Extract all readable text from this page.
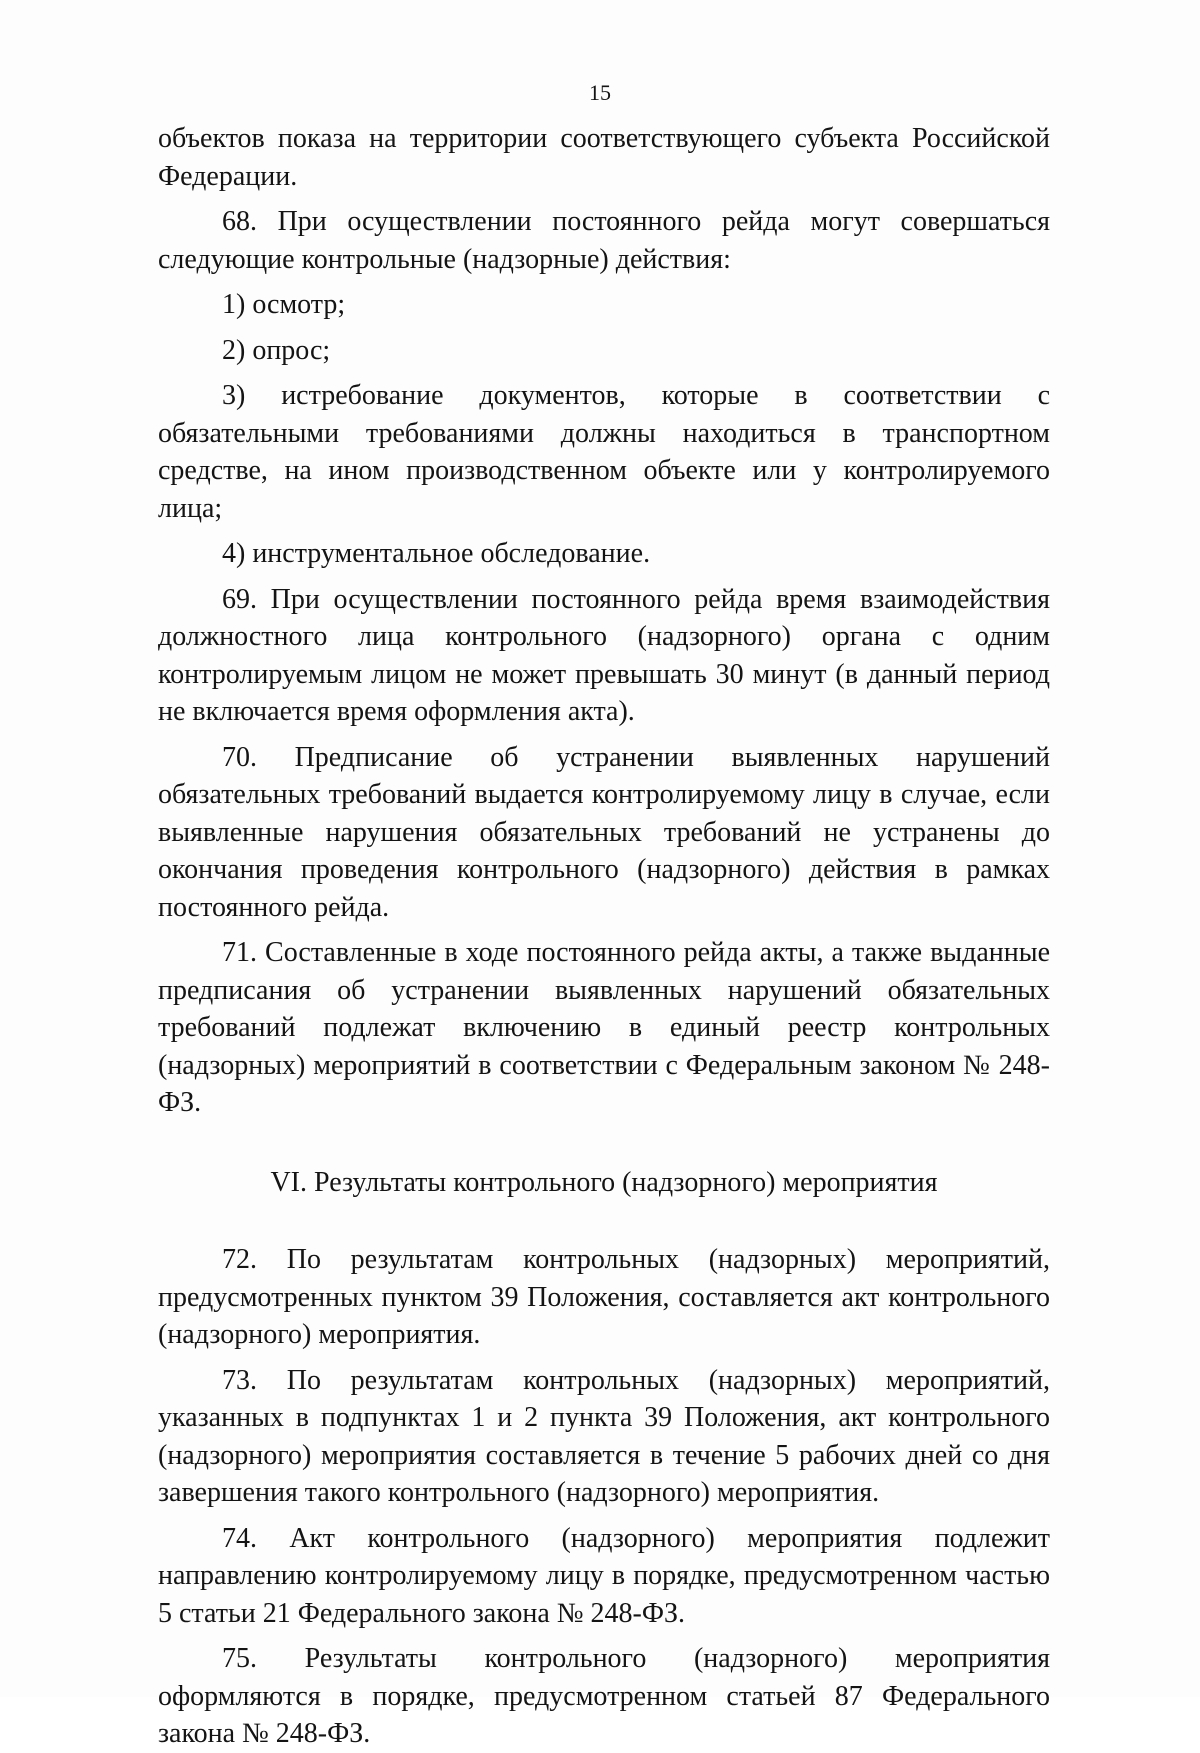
15

объектов показа на территории соответствующего субъекта Российской Федерации.

68. При осуществлении постоянного рейда могут совершаться следующие контрольные (надзорные) действия:

1) осмотр;

2) опрос;

3) истребование документов, которые в соответствии с обязательными требованиями должны находиться в транспортном средстве, на ином производственном объекте или у контролируемого лица;

4) инструментальное обследование.

69. При осуществлении постоянного рейда время взаимодействия должностного лица контрольного (надзорного) органа с одним контролируемым лицом не может превышать 30 минут (в данный период не включается время оформления акта).

70. Предписание об устранении выявленных нарушений обязательных требований выдается контролируемому лицу в случае, если выявленные нарушения обязательных требований не устранены до окончания проведения контрольного (надзорного) действия в рамках постоянного рейда.

71. Составленные в ходе постоянного рейда акты, а также выданные предписания об устранении выявленных нарушений обязательных требований подлежат включению в единый реестр контрольных (надзорных) мероприятий в соответствии с Федеральным законом № 248-ФЗ.

VI. Результаты контрольного (надзорного) мероприятия

72. По результатам контрольных (надзорных) мероприятий, предусмотренных пунктом 39 Положения, составляется акт контрольного (надзорного) мероприятия.

73. По результатам контрольных (надзорных) мероприятий, указанных в подпунктах 1 и 2 пункта 39 Положения, акт контрольного (надзорного) мероприятия составляется в течение 5 рабочих дней со дня завершения такого контрольного (надзорного) мероприятия.

74. Акт контрольного (надзорного) мероприятия подлежит направлению контролируемому лицу в порядке, предусмотренном частью 5 статьи 21 Федерального закона № 248-ФЗ.

75. Результаты контрольного (надзорного) мероприятия оформляются в порядке, предусмотренном статьей 87 Федерального закона № 248-ФЗ.
